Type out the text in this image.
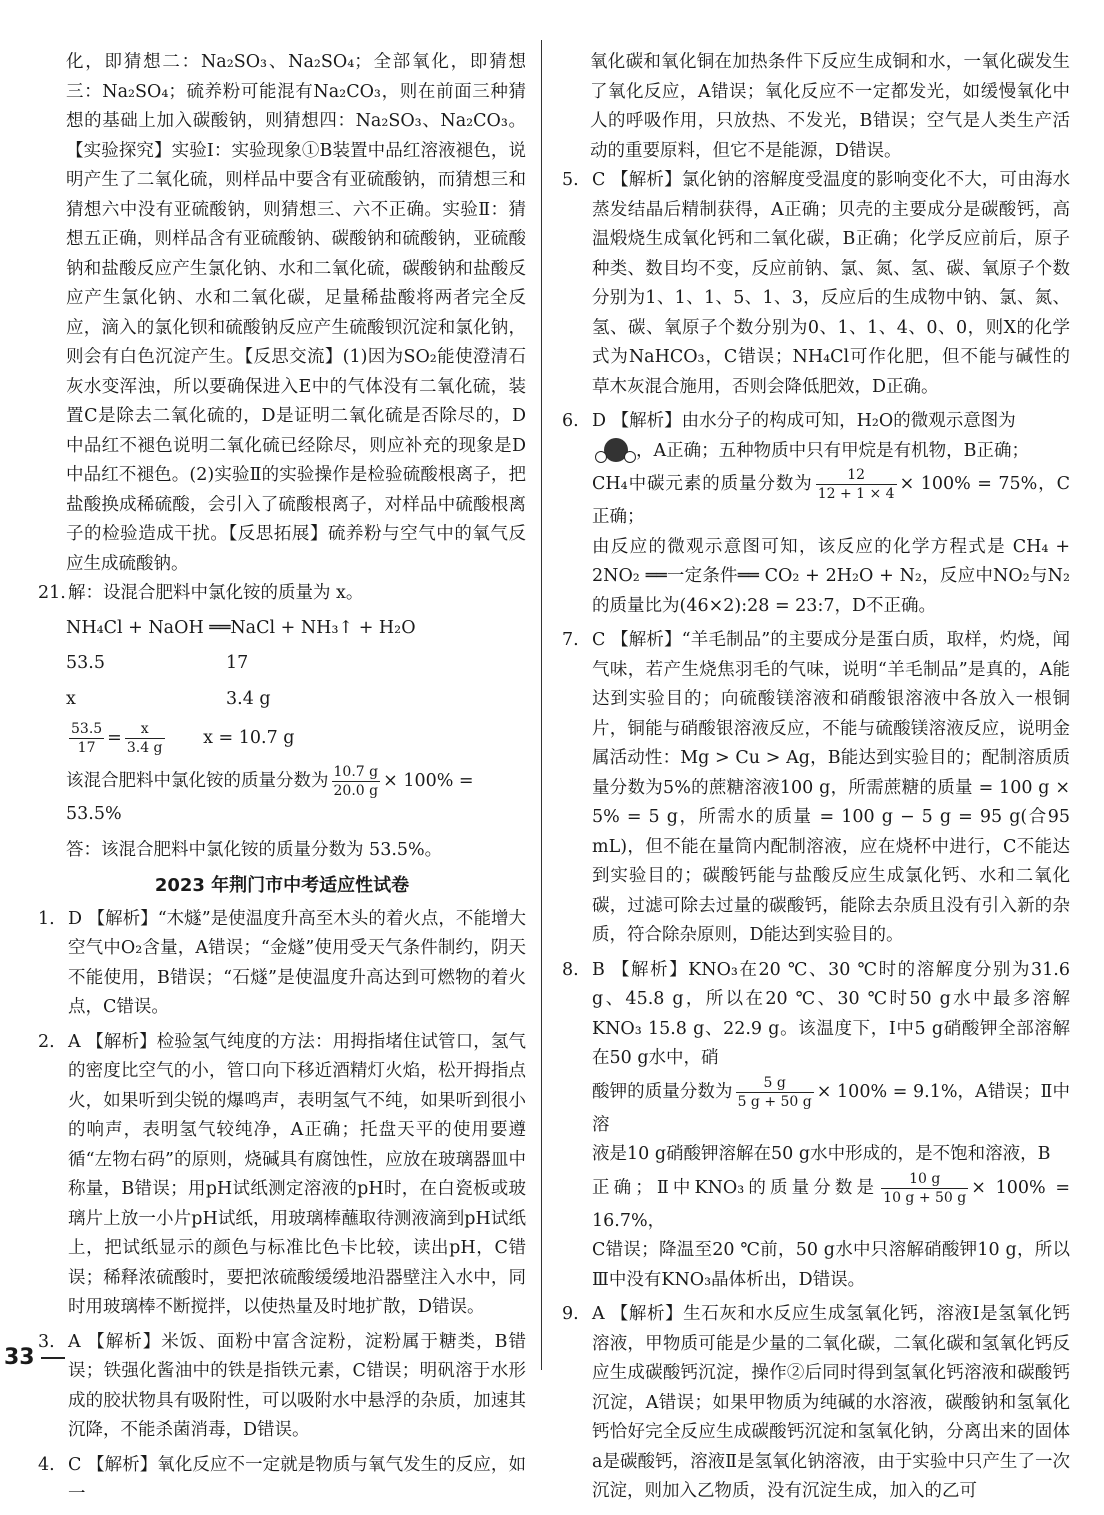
化，即猜想二：Na₂SO₃、Na₂SO₄；全部氧化，即猜想三：Na₂SO₄；硫养粉可能混有Na₂CO₃，则在前面三种猜想的基础上加入碳酸钠，则猜想四：Na₂SO₃、Na₂CO₃。【实验探究】实验Ⅰ：实验现象①B装置中品红溶液褪色，说明产生了二氧化硫，则样品中要含有亚硫酸钠，而猜想三和猜想六中没有亚硫酸钠，则猜想三、六不正确。实验Ⅱ：猜想五正确，则样品含有亚硫酸钠、碳酸钠和硫酸钠，亚硫酸钠和盐酸反应产生氯化钠、水和二氧化硫，碳酸钠和盐酸反应产生氯化钠、水和二氧化碳，足量稀盐酸将两者完全反应，滴入的氯化钡和硫酸钠反应产生硫酸钡沉淀和氯化钠，则会有白色沉淀产生。【反思交流】(1)因为SO₂能使澄清石灰水变浑浊，所以要确保进入E中的气体没有二氧化硫，装置C是除去二氧化硫的，D是证明二氧化硫是否除尽的，D中品红不褪色说明二氧化硫已经除尽，则应补充的现象是D中品红不褪色。(2)实验Ⅱ的实验操作是检验硫酸根离子，把盐酸换成稀硫酸，会引入了硫酸根离子，对样品中硫酸根离子的检验造成干扰。【反思拓展】硫养粉与空气中的氧气反应生成硫酸钠。

21. 解：设混合肥料中氯化铵的质量为 x。
NH₄Cl + NaOH ══NaCl + NH₃↑ + H₂O
53.5	17
x	3.4 g
$\frac{53.5}{17} = \frac{x}{3.4 g}$ x = 10.7 g
该混合肥料中氯化铵的质量分数为 $\frac{10.7 g}{20.0 g} \times 100\% = 53.5\%$
答：该混合肥料中氯化铵的质量分数为 53.5%。
2023 年荆门市中考适应性试卷
1. D 【解析】“木燧”是使温度升高至木头的着火点，不能增大空气中O₂含量，A错误；“金燧”使用受天气条件制约，阴天不能使用，B错误；“石燧”是使温度升高达到可燃物的着火点，C错误。
2. A 【解析】检验氢气纯度的方法：用拇指堵住试管口，氢气的密度比空气的小，管口向下移近酒精灯火焰，松开拇指点火，如果听到尖锐的爆鸣声，表明氢气不纯，如果听到很小的响声，表明氢气较纯净，A正确；托盘天平的使用要遵循“左物右码”的原则，烧碱具有腐蚀性，应放在玻璃器皿中称量，B错误；用pH试纸测定溶液的pH时，在白瓷板或玻璃片上放一小片pH试纸，用玻璃棒蘸取待测液滴到pH试纸上，把试纸显示的颜色与标准比色卡比较，读出pH，C错误；稀释浓硫酸时，要把浓硫酸缓缓地沿器壁注入水中，同时用玻璃棒不断搅拌，以使热量及时地扩散，D错误。
3. A 【解析】米饭、面粉中富含淀粉，淀粉属于糖类，B错误；铁强化酱油中的铁是指铁元素，C错误；明矾溶于水形成的胶状物具有吸附性，可以吸附水中悬浮的杂质，加速其沉降，不能杀菌消毒，D错误。
4. C 【解析】氧化反应不一定就是物质与氧气发生的反应，如一

氧化碳和氧化铜在加热条件下反应生成铜和水，一氧化碳发生了氧化反应，A错误；氧化反应不一定都发光，如缓慢氧化中人的呼吸作用，只放热、不发光，B错误；空气是人类生产活动的重要原料，但它不是能源，D错误。

5. C 【解析】氯化钠的溶解度受温度的影响变化不大，可由海水蒸发结晶后精制获得，A正确；贝壳的主要成分是碳酸钙，高温煅烧生成氧化钙和二氧化碳，B正确；化学反应前后，原子种类、数目均不变，反应前钠、氯、氮、氢、碳、氧原子个数分别为1、1、1、5、1、3，反应后的生成物中钠、氯、氮、氢、碳、氧原子个数分别为0、1、1、4、0、0，则X的化学式为NaHCO₃，C错误；NH₄Cl可作化肥，但不能与碱性的草木灰混合施用，否则会降低肥效，D正确。
6. D 【解析】由水分子的构成可知，H₂O的微观示意图为

，A正确；五种物质中只有甲烷是有机物，B正确；
CH₄中碳元素的质量分数为 $\frac{12}{12 + 1 \times 4} \times 100\% = 75\%$，C正确；
由反应的微观示意图可知，该反应的化学方程式是 CH₄ + 2NO₂ ══一定条件══ CO₂ + 2H₂O + N₂，反应中NO₂与N₂的质量比为(46×2):28 = 23:7，D不正确。
7. C 【解析】“羊毛制品”的主要成分是蛋白质，取样，灼烧，闻气味，若产生烧焦羽毛的气味，说明“羊毛制品”是真的，A能达到实验目的；向硫酸镁溶液和硝酸银溶液中各放入一根铜片，铜能与硝酸银溶液反应，不能与硫酸镁溶液反应，说明金属活动性：Mg > Cu > Ag，B能达到实验目的；配制溶质质量分数为5%的蔗糖溶液100 g，所需蔗糖的质量 = 100 g × 5% = 5 g，所需水的质量 = 100 g − 5 g = 95 g(合95 mL)，但不能在量筒内配制溶液，应在烧杯中进行，C不能达到实验目的；碳酸钙能与盐酸反应生成氯化钙、水和二氧化碳，过滤可除去过量的碳酸钙，能除去杂质且没有引入新的杂质，符合除杂原则，D能达到实验目的。
8. B 【解析】KNO₃在20 ℃、30 ℃时的溶解度分别为31.6 g、45.8 g，所以在20 ℃、30 ℃时50 g水中最多溶解KNO₃ 15.8 g、22.9 g。该温度下，Ⅰ中5 g硝酸钾全部溶解在50 g水中，硝
酸钾的质量分数为 $\frac{5 g}{5 g + 50 g} \times 100\% = 9.1\%$，A错误；Ⅱ中溶
液是10 g硝酸钾溶解在50 g水中形成的，是不饱和溶液，B
正确；Ⅱ中KNO₃的质量分数是 $\frac{10 g}{10 g + 50 g} \times 100\% = 16.7\%$，
C错误；降温至20 ℃前，50 g水中只溶解硝酸钾10 g，所以Ⅲ中没有KNO₃晶体析出，D错误。
9. A 【解析】生石灰和水反应生成氢氧化钙，溶液Ⅰ是氢氧化钙溶液，甲物质可能是少量的二氧化碳，二氧化碳和氢氧化钙反应生成碳酸钙沉淀，操作②后同时得到氢氧化钙溶液和碳酸钙沉淀，A错误；如果甲物质为纯碱的水溶液，碳酸钠和氢氧化钙恰好完全反应生成碳酸钙沉淀和氢氧化钠，分离出来的固体a是碳酸钙，溶液Ⅱ是氢氧化钠溶液，由于实验中只产生了一次沉淀，则加入乙物质，没有沉淀生成，加入的乙可
33
